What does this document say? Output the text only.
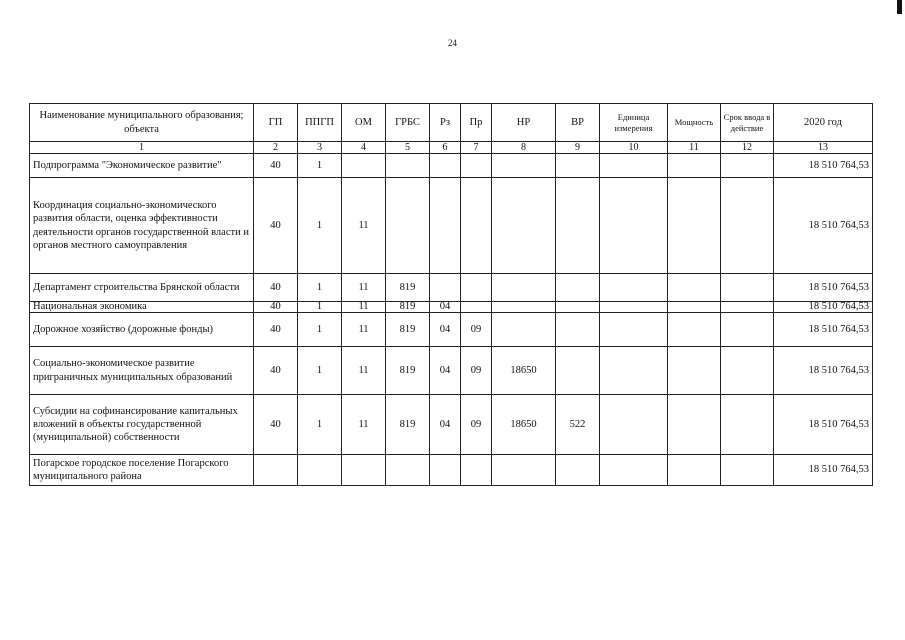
24
Наименование муниципального образования; объекта	ГП	ППГП	ОМ	ГРБС	Рз	Пр	НР	ВР	Единица измерения	Мощность	Срок ввода в действие	2020 год
1	2	3	4	5	6	7	8	9	10	11	12	13
Подпрограмма "Экономическое развитие"	40	1										18 510 764,53
Координация социально-экономического развития области, оценка эффективности деятельности органов государственной власти и органов местного самоуправления	40	1	11									18 510 764,53
Департамент строительства Брянской области	40	1	11	819								18 510 764,53
Национальная экономика	40	1	11	819	04							18 510 764,53
Дорожное хозяйство (дорожные фонды)	40	1	11	819	04	09						18 510 764,53
Социально-экономическое развитие приграничных муниципальных образований	40	1	11	819	04	09	18650					18 510 764,53
Субсидии на софинансирование капитальных вложений в объекты государственной (муниципальной) собственности	40	1	11	819	04	09	18650	522				18 510 764,53
Погарское городское поселение Погарского муниципального района												18 510 764,53
